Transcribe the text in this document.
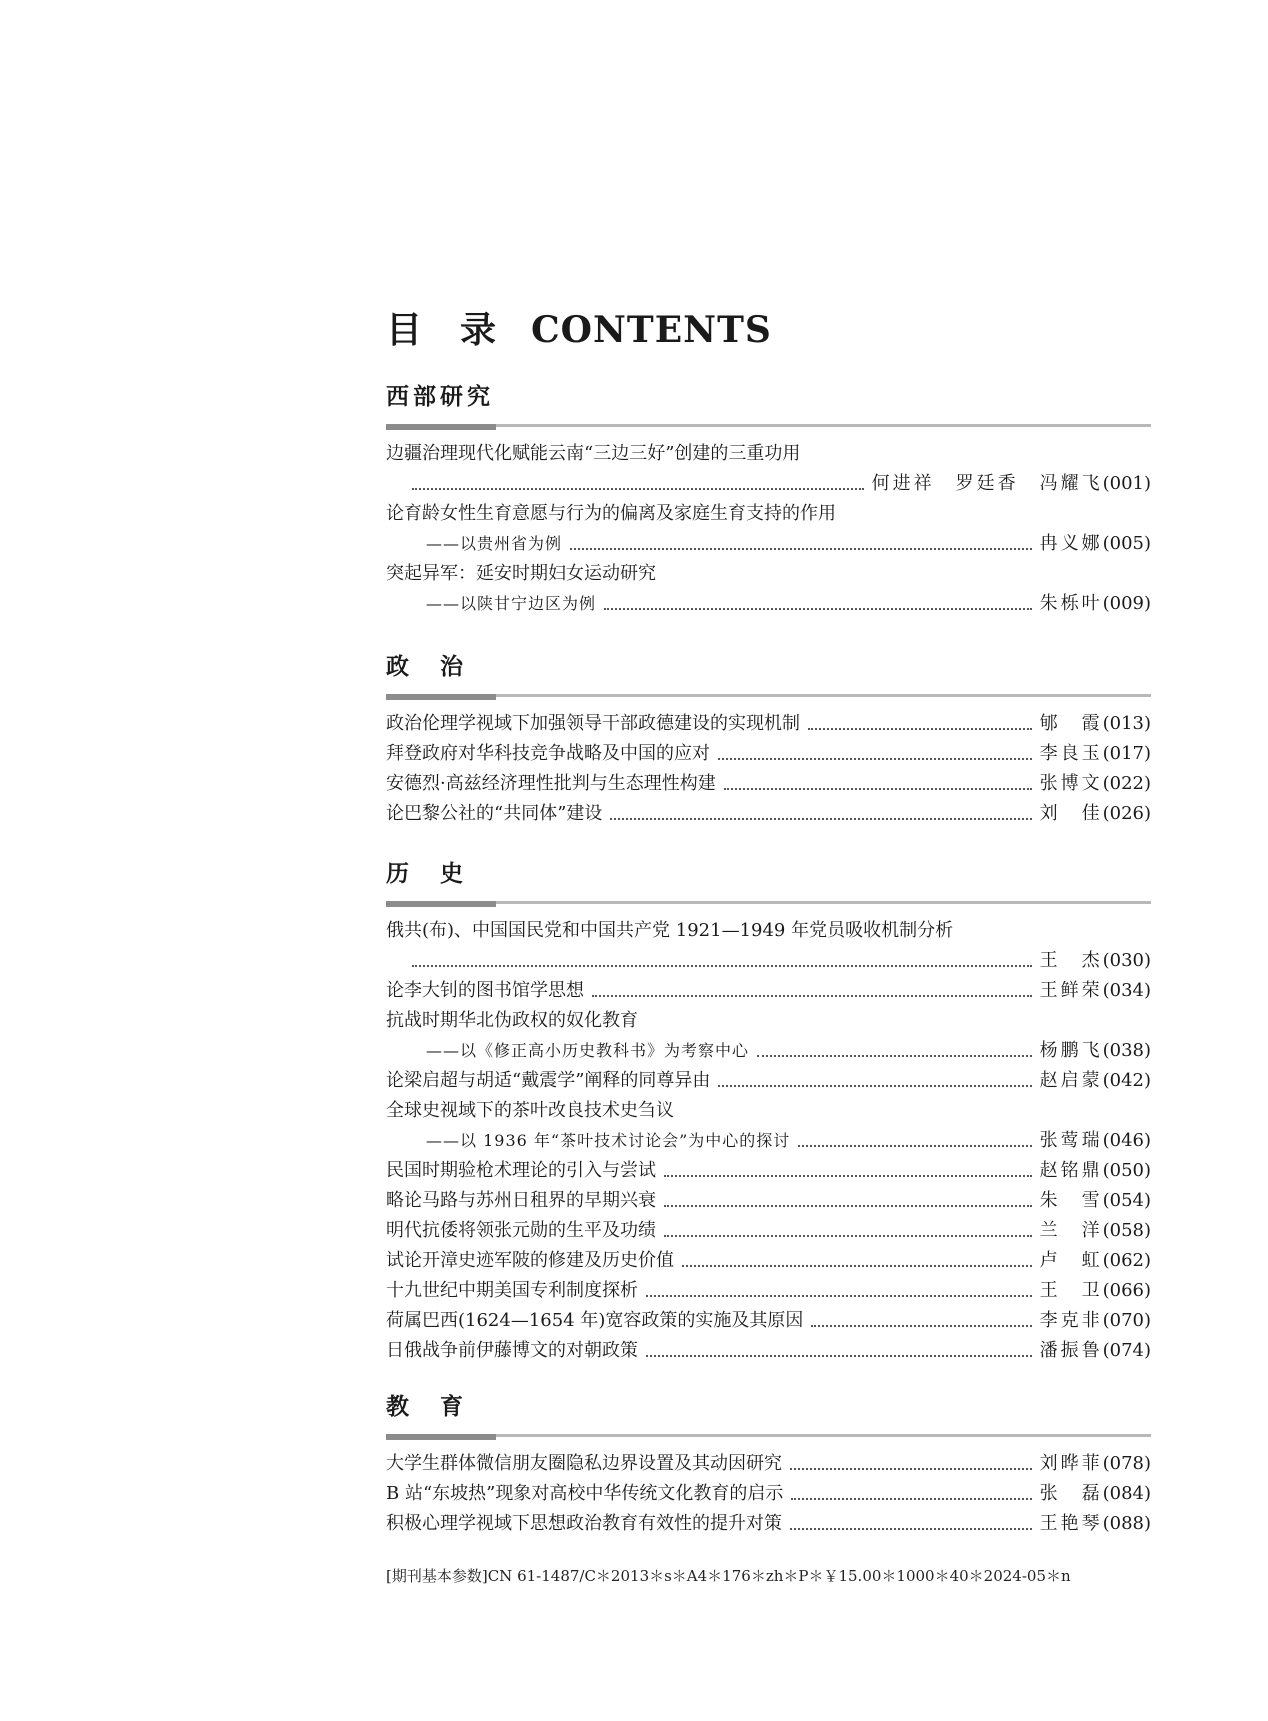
目　录 CONTENTS
西部研究
边疆治理现代化赋能云南“三边三好”创建的三重功用
何进祥　罗廷香　冯耀飞 (001)
论育龄女性生育意愿与行为的偏离及家庭生育支持的作用
——以贵州省为例	冉义娜 (005)
突起异军：延安时期妇女运动研究
——以陕甘宁边区为例	朱栎叶 (009)
政　治
政治伦理学视域下加强领导干部政德建设的实现机制	郇　霞 (013)
拜登政府对华科技竞争战略及中国的应对	李良玉 (017)
安德烈·高兹经济理性批判与生态理性构建	张博文 (022)
论巴黎公社的“共同体”建设	刘　佳 (026)
历　史
俄共(布)、中国国民党和中国共产党 1921—1949 年党员吸收机制分析
王　杰 (030)
论李大钊的图书馆学思想	王鲜荣 (034)
抗战时期华北伪政权的奴化教育
——以《修正高小历史教科书》为考察中心	杨鹏飞 (038)
论梁启超与胡适“戴震学”阐释的同尊异由	赵启蒙 (042)
全球史视域下的茶叶改良技术史刍议
——以 1936 年“茶叶技术讨论会”为中心的探讨	张莺瑞 (046)
民国时期验枪术理论的引入与尝试	赵铭鼎 (050)
略论马路与苏州日租界的早期兴衰	朱　雪 (054)
明代抗倭将领张元勋的生平及功绩	兰　洋 (058)
试论开漳史迹军陂的修建及历史价值	卢　虹 (062)
十九世纪中期美国专利制度探析	王　卫 (066)
荷属巴西(1624—1654 年)宽容政策的实施及其原因	李克非 (070)
日俄战争前伊藤博文的对朝政策	潘振鲁 (074)
教　育
大学生群体微信朋友圈隐私边界设置及其动因研究	刘晔菲 (078)
B 站“东坡热”现象对高校中华传统文化教育的启示	张　磊 (084)
积极心理学视域下思想政治教育有效性的提升对策	王艳琴 (088)
[期刊基本参数]CN 61-1487/C＊2013＊s＊A4＊176＊zh＊P＊￥15.00＊1000＊40＊2024-05＊n
